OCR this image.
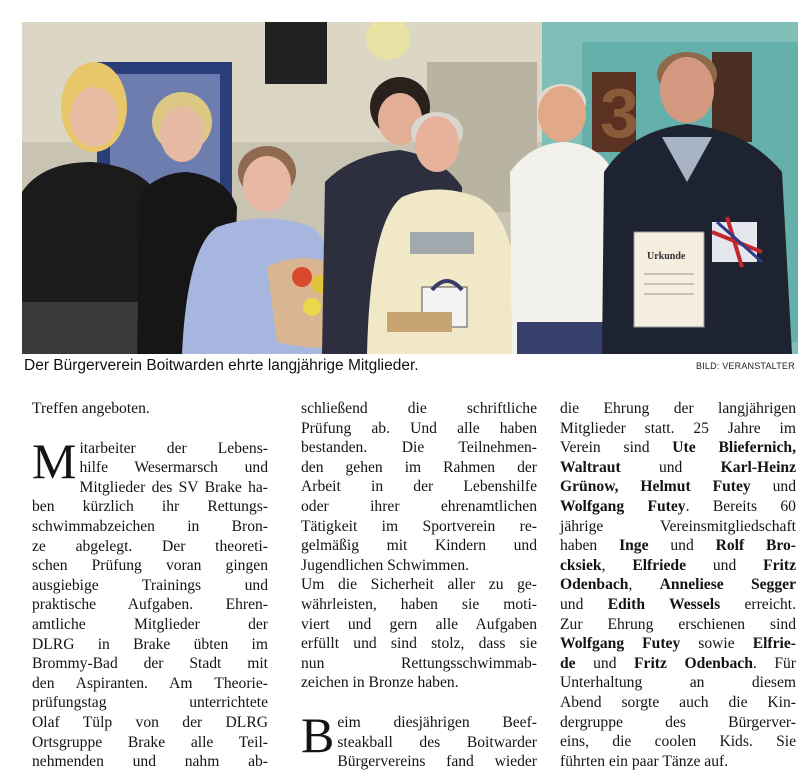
3
Urkunde
Der Bürgerverein Boitwarden ehrte langjährige Mitglieder.	BILD: VERANSTALTER
Treffen angeboten.
M itarbeiter der Lebens-
hilfe Wesermarsch und
Mitglieder des SV Brake ha-
ben kürzlich ihr Rettungs-
schwimmabzeichen in Bron-
ze abgelegt. Der theoreti-
schen Prüfung voran gingen
ausgiebige Trainings und
praktische Aufgaben. Ehren-
amtliche Mitglieder der
DLRG in Brake übten im
Brommy-Bad der Stadt mit
den Aspiranten. Am Theorie-
prüfungstag unterrichtete
Olaf Tülp von der DLRG
Ortsgruppe Brake alle Teil-
nehmenden und nahm ab-
schließend die schriftliche
Prüfung ab. Und alle haben
bestanden. Die Teilnehmen-
den gehen im Rahmen der
Arbeit in der Lebenshilfe
oder ihrer ehrenamtlichen
Tätigkeit im Sportverein re-
gelmäßig mit Kindern und
Jugendlichen Schwimmen.
Um die Sicherheit aller zu ge-
währleisten, haben sie moti-
viert und gern alle Aufgaben
erfüllt und sind stolz, dass sie
nun Rettungsschwimmab-
zeichen in Bronze haben.
B eim diesjährigen Beef-
steakball des Boitwarder
Bürgervereins fand wieder
die Ehrung der langjährigen
Mitglieder statt. 25 Jahre im
Verein sind Ute Bliefernich,
Waltraut und Karl-Heinz
Grünow, Helmut Futey und
Wolfgang Futey. Bereits 60
jährige Vereinsmitgliedschaft
haben Inge und Rolf Bro-
cksiek, Elfriede und Fritz
Odenbach, Anneliese Segger
und Edith Wessels erreicht.
Zur Ehrung erschienen sind
Wolfgang Futey sowie Elfrie-
de und Fritz Odenbach. Für
Unterhaltung an diesem
Abend sorgte auch die Kin-
dergruppe des Bürgerver-
eins, die coolen Kids. Sie
führten ein paar Tänze auf.
